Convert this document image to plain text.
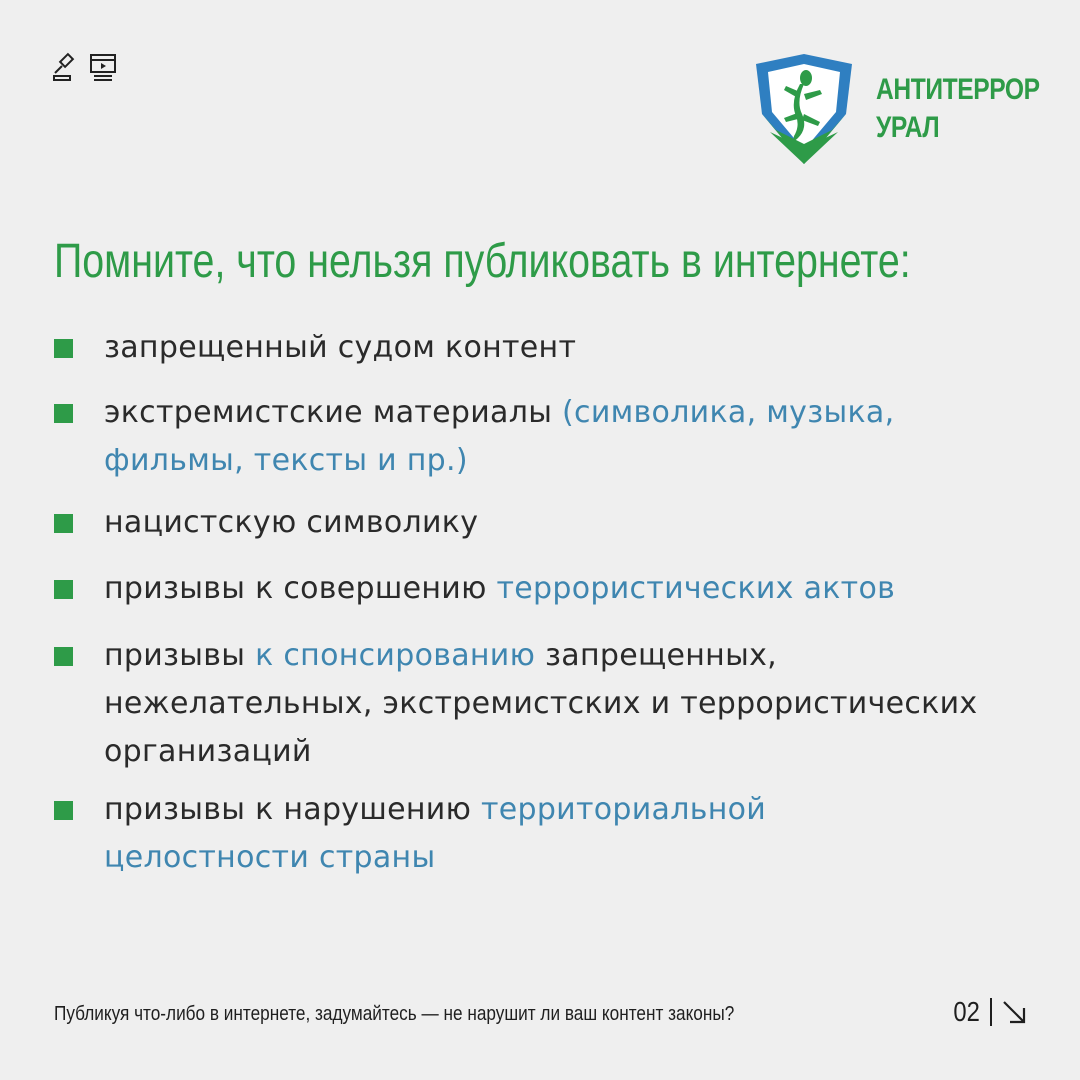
АНТИТЕРРОР
УРАЛ
Помните, что нельзя публиковать в интернете:
запрещенный судом контент
экстремистские материалы (символика, музыка, фильмы, тексты и пр.)
нацистскую символику
призывы к совершению террористических актов
призывы к спонсированию запрещенных, нежелательных, экстремистских и террористических организаций
призывы к нарушению территориальной целостности страны
Публикуя что-либо в интернете, задумайтесь — не нарушит ли ваш контент законы?	02
